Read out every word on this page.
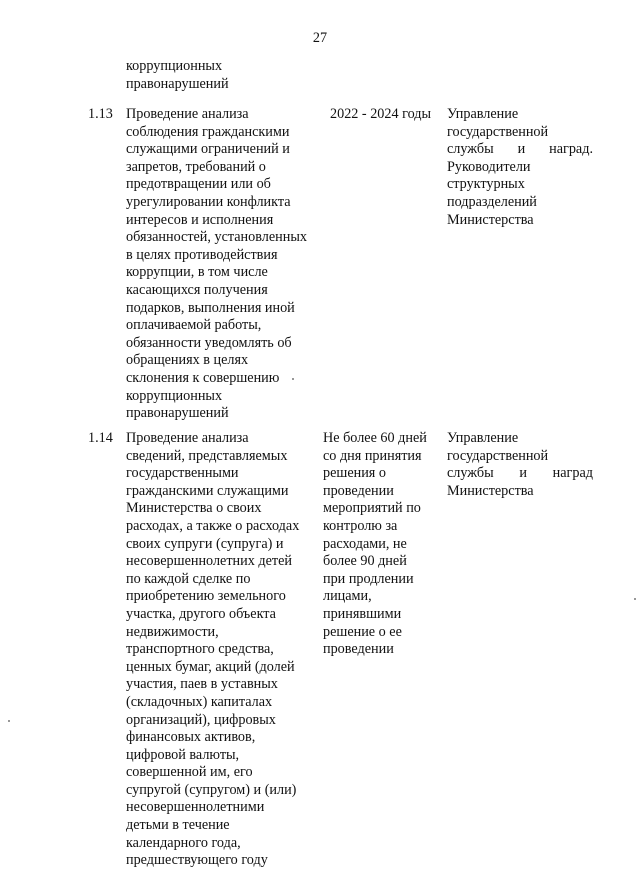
27
коррупционных
правонарушений
1.13 Проведение анализа
соблюдения гражданскими
служащими ограничений и
запретов, требований о
предотвращении или об
урегулировании конфликта
интересов и исполнения
обязанностей, установленных
в целях противодействия
коррупции, в том числе
касающихся получения
подарков, выполнения иной
оплачиваемой работы,
обязанности уведомлять об
обращениях в целях
склонения к совершению
коррупционных
правонарушений
2022 - 2024 годы Управление
государственной
службы и наград.
Руководители
структурных
подразделений
Министерства
1.14 Проведение анализа
сведений, представляемых
государственными
гражданскими служащими
Министерства о своих
расходах, а также о расходах
своих супруги (супруга) и
несовершеннолетних детей
по каждой сделке по
приобретению земельного
участка, другого объекта
недвижимости,
транспортного средства,
ценных бумаг, акций (долей
участия, паев в уставных
(складочных) капиталах
организаций), цифровых
финансовых активов,
цифровой валюты,
совершенной им, его
супругой (супругом) и (или)
несовершеннолетними
детьми в течение
календарного года,
предшествующего году
Не более 60 дней
со дня принятия
решения о
проведении
мероприятий по
контролю за
расходами, не
более 90 дней
при продлении
лицами,
принявшими
решение о ее
проведении
Управление
государственной
службы и наград
Министерства
